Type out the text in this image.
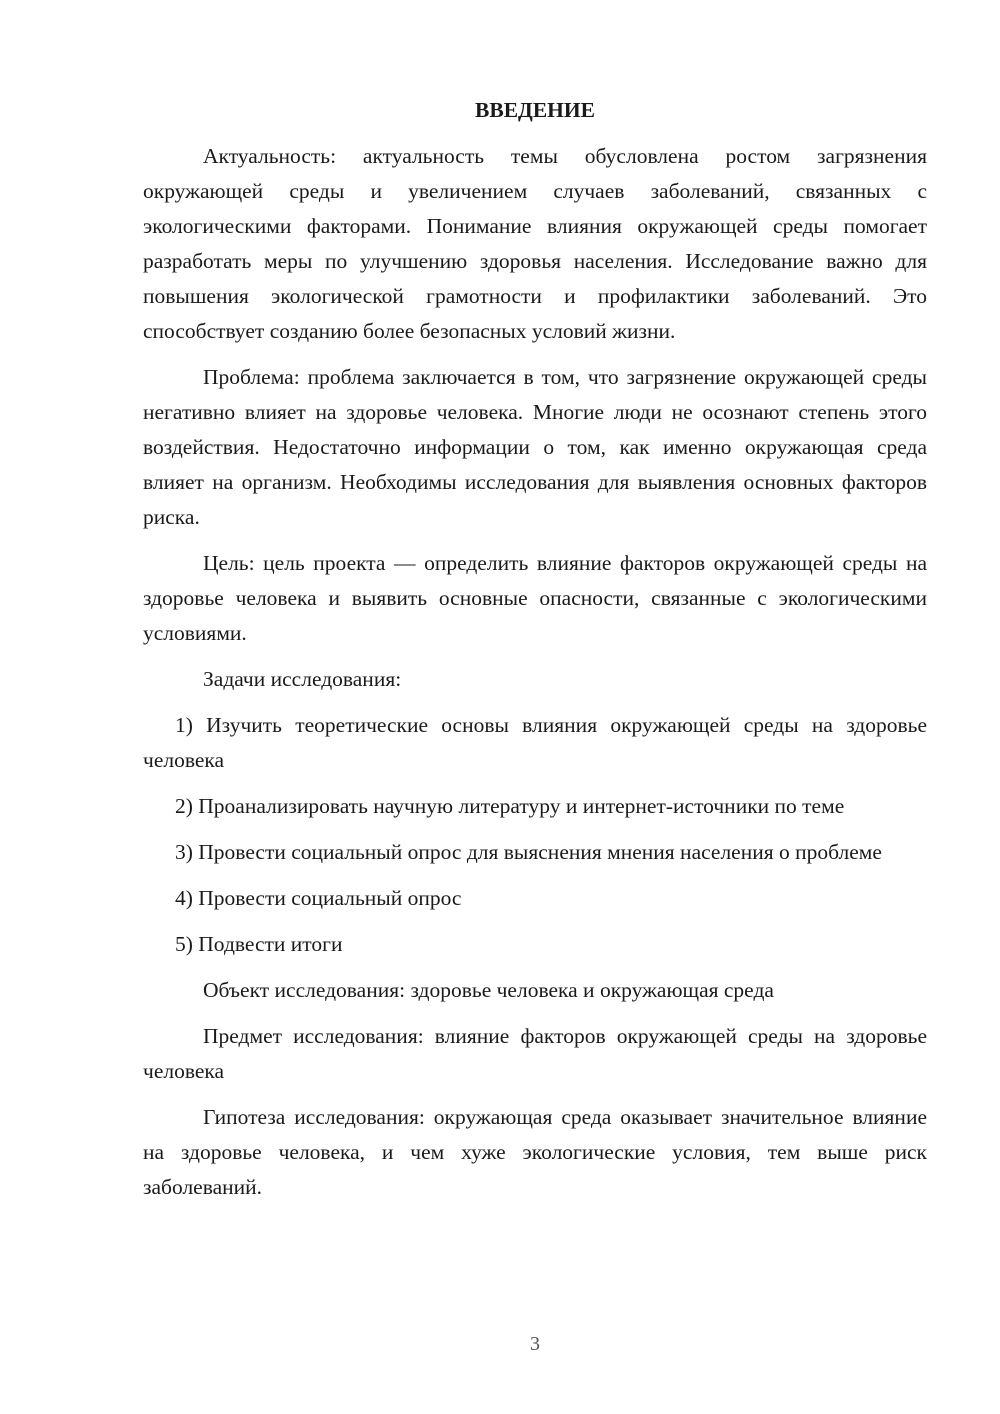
ВВЕДЕНИЕ

Актуальность: актуальность темы обусловлена ростом загрязнения окружающей среды и увеличением случаев заболеваний, связанных с экологическими факторами. Понимание влияния окружающей среды помогает разработать меры по улучшению здоровья населения. Исследование важно для повышения экологической грамотности и профилактики заболеваний. Это способствует созданию более безопасных условий жизни.

Проблема: проблема заключается в том, что загрязнение окружающей среды негативно влияет на здоровье человека. Многие люди не осознают степень этого воздействия. Недостаточно информации о том, как именно окружающая среда влияет на организм. Необходимы исследования для выявления основных факторов риска.

Цель: цель проекта — определить влияние факторов окружающей среды на здоровье человека и выявить основные опасности, связанные с экологическими условиями.

Задачи исследования:

1) Изучить теоретические основы влияния окружающей среды на здоровье человека

2) Проанализировать научную литературу и интернет-источники по теме

3) Провести социальный опрос для выяснения мнения населения о проблеме

4) Провести социальный опрос

5) Подвести итоги

Объект исследования: здоровье человека и окружающая среда

Предмет исследования: влияние факторов окружающей среды на здоровье человека

Гипотеза исследования: окружающая среда оказывает значительное влияние на здоровье человека, и чем хуже экологические условия, тем выше риск заболеваний.

3
